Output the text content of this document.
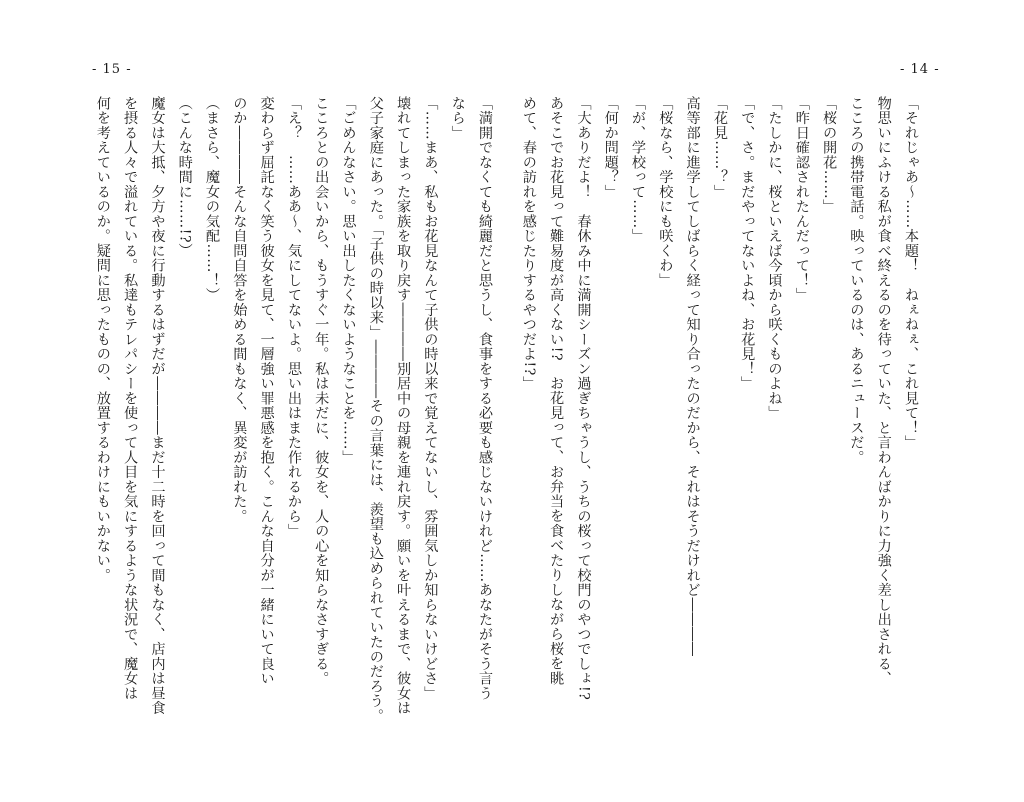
- 15 -	- 14 -
「それじゃあ〜……本題！　ねぇねぇ、これ見て！」
物思いにふける私が食べ終えるのを待っていた、と言わんばかりに力強く差し出される、
こころの携帯電話。映っているのは、あるニュースだ。
「桜の開花……」
「昨日確認されたんだって！」
「たしかに、桜といえば今頃から咲くものよね」
「で、さ。まだやってないよね、お花見！」
「花見……？」
高等部に進学してしばらく経って知り合ったのだから、それはそうだけれど――――
「桜なら、学校にも咲くわ」
「が、学校って……」
「何か問題？」
「大ありだよ！　春休み中に満開シーズン過ぎちゃうし、うちの桜って校門のやつでしょ!?
あそこでお花見って難易度が高くない!?　お花見って、お弁当を食べたりしながら桜を眺
めて、春の訪れを感じたりするやつだよ!?」
「満開でなくても綺麗だと思うし、食事をする必要も感じないけれど……あなたがそう言う
なら」
「……まあ、私もお花見なんて子供の時以来で覚えてないし、雰囲気しか知らないけどさ」
壊れてしまった家族を取り戻す――――別居中の母親を連れ戻す。願いを叶えるまで、彼女は
父子家庭にあった。「子供の時以来」――――その言葉には、羨望も込められていたのだろう。
「ごめんなさい。思い出したくないようなことを……」
こころとの出会いから、もうすぐ一年。私は未だに、彼女を、人の心を知らなさすぎる。
「え？　……ああ〜、気にしてないよ。思い出はまた作れるから」
変わらず屈託なく笑う彼女を見て、一層強い罪悪感を抱く。こんな自分が一緒にいて良い
のか――――そんな自問自答を始める間もなく、異変が訪れた。
（まさら、魔女の気配……！）
（こんな時間に……!?）
魔女は大抵、夕方や夜に行動するはずだが――――まだ十二時を回って間もなく、店内は昼食
を摂る人々で溢れている。私達もテレパシーを使って人目を気にするような状況で、魔女は
何を考えているのか。疑問に思ったものの、放置するわけにもいかない。
